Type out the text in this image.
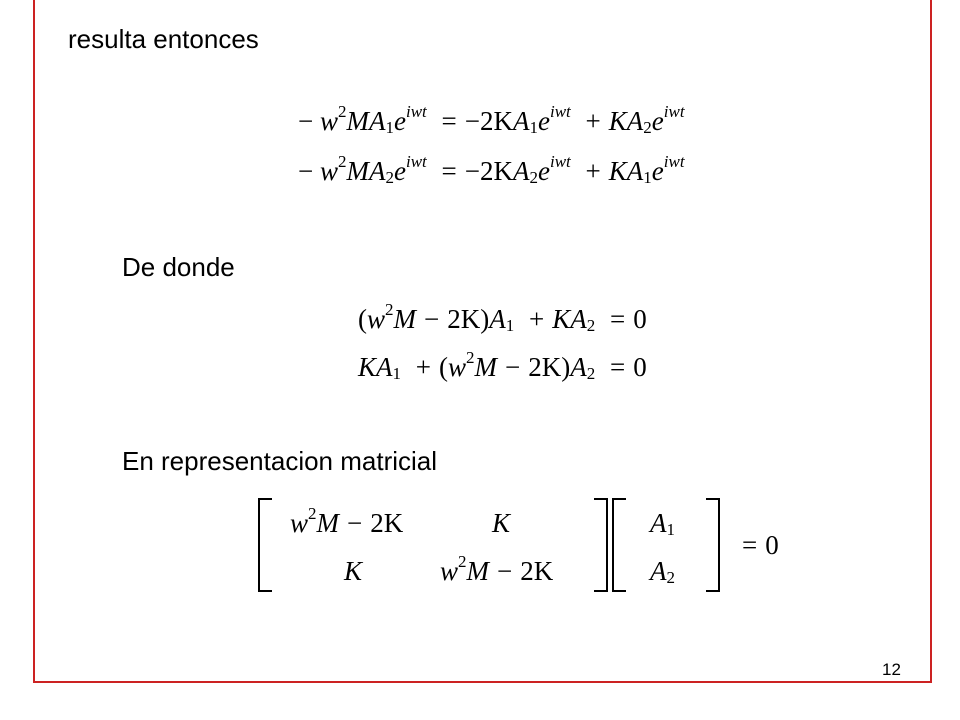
resulta entonces
− $w^2MA_1e^{iwt} = -2KA_1e^{iwt} + KA_2e^{iwt}$
− $w^2MA_2e^{iwt} = -2KA_2e^{iwt} + KA_1e^{iwt}$
De donde
$(w^2M - 2K)A_1 + KA_2 = 0$
$KA_1 + (w^2M - 2K)A_2 = 0$
En representacion matricial
$w^2M - 2K$	K
K	$w^2M - 2K$
$A_1$
$A_2$
= 0
12
